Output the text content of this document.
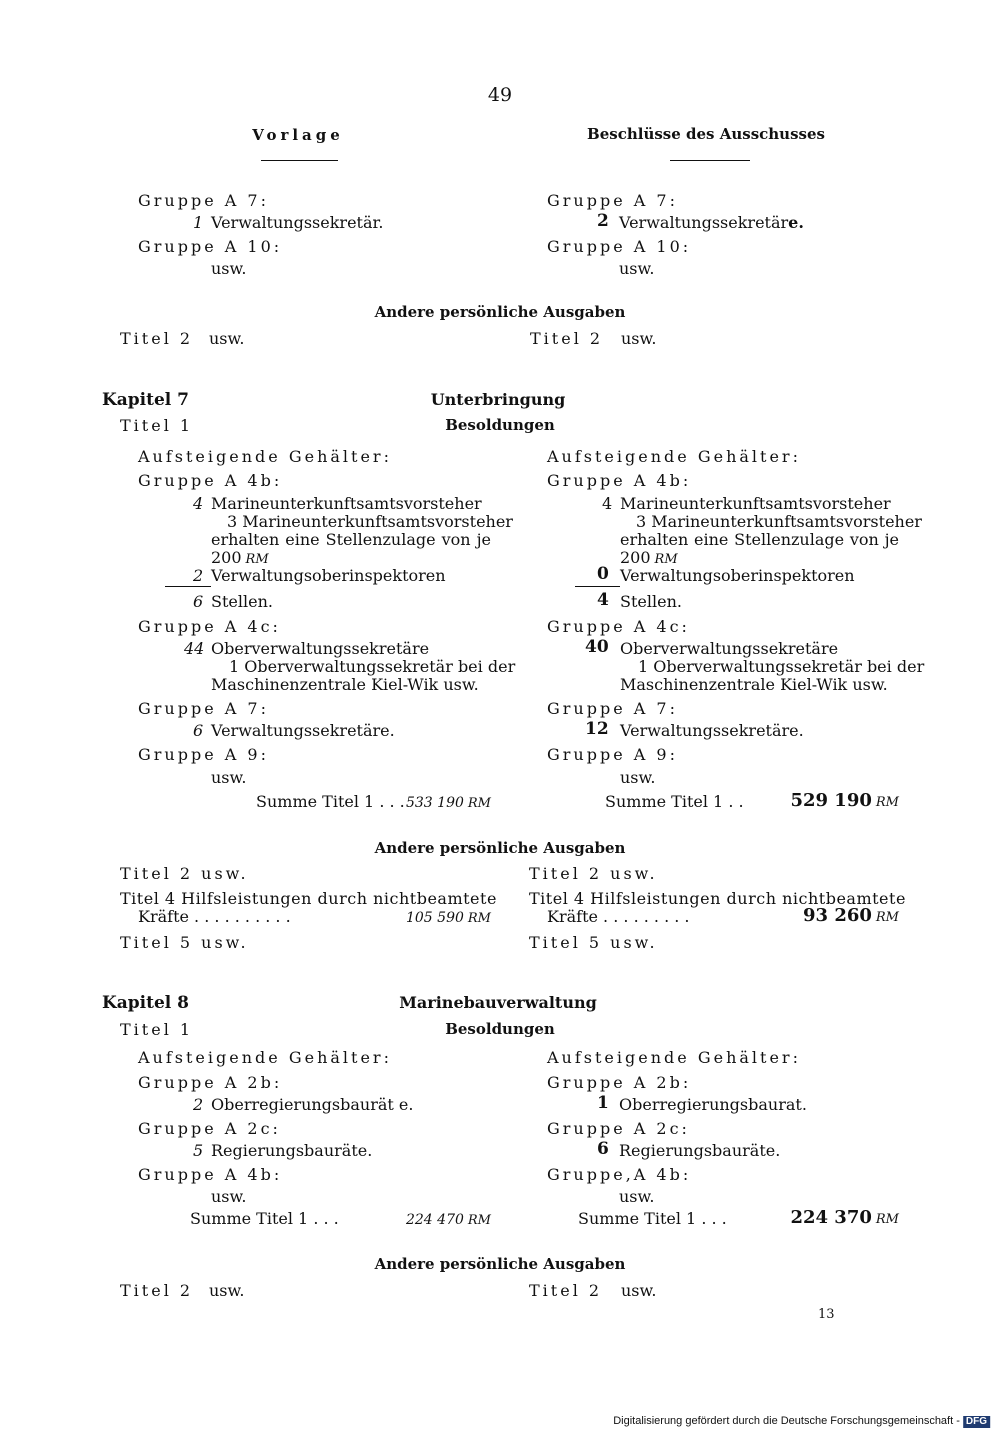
49
Vorlage	Beschlüsse des Ausschusses
Gruppe A 7:
1 Verwaltungssekretär.
Gruppe A 10:
usw.
Gruppe A 7:
2 Verwaltungssekretäre.
Gruppe A 10:
usw.
Andere persönliche Ausgaben
Titel 2 usw.	Titel 2 usw.
Kapitel 7	Unterbringung
Titel 1	Besoldungen
Aufsteigende Gehälter:
Gruppe A 4b:
4 Marineunterkunftsamtsvorsteher
3 Marineunterkunftsamtsvorsteher
erhalten eine Stellenzulage von je
200 RM
2 Verwaltungsoberinspektoren
6 Stellen.
Gruppe A 4c:
44 Oberverwaltungssekretäre
1 Oberverwaltungssekretär bei der
Maschinenzentrale Kiel-Wik usw.
Gruppe A 7:
6 Verwaltungssekretäre.
Gruppe A 9:
usw.
Summe Titel 1 . . . 533 190 RM
Aufsteigende Gehälter:
Gruppe A 4b:
4 Marineunterkunftsamtsvorsteher
3 Marineunterkunftsamtsvorsteher
erhalten eine Stellenzulage von je
200 RM
0 Verwaltungsoberinspektoren
4 Stellen.
Gruppe A 4c:
40 Oberverwaltungssekretäre
1 Oberverwaltungssekretär bei der
Maschinenzentrale Kiel-Wik usw.
Gruppe A 7:
12 Verwaltungssekretäre.
Gruppe A 9:
usw.
Summe Titel 1 . .	529 190 RM
Andere persönliche Ausgaben
Titel 2 usw.
Titel 4 Hilfsleistungen durch nichtbeamtete
Kräfte . . . . . . . . . .	105 590 RM
Titel 5 usw.
Titel 2 usw.
Titel 4 Hilfsleistungen durch nichtbeamtete
Kräfte . . . . . . . . .	93 260 RM
Titel 5 usw.
Kapitel 8	Marinebauverwaltung
Titel 1	Besoldungen
Aufsteigende Gehälter:
Gruppe A 2b:
2 Oberregierungsbaurät e.
Gruppe A 2c:
5 Regierungsbauräte.
Gruppe A 4b:
usw.
Summe Titel 1 . . .	224 470 RM
Aufsteigende Gehälter:
Gruppe A 2b:
1 Oberregierungsbaurat.
Gruppe A 2c:
6 Regierungsbauräte.
Gruppe,A 4b:
usw.
Summe Titel 1 . . .	224 370 RM
Andere persönliche Ausgaben
Titel 2 usw.	Titel 2 usw.
13
Digitalisierung gefördert durch die Deutsche Forschungsgemeinschaft - DFG
